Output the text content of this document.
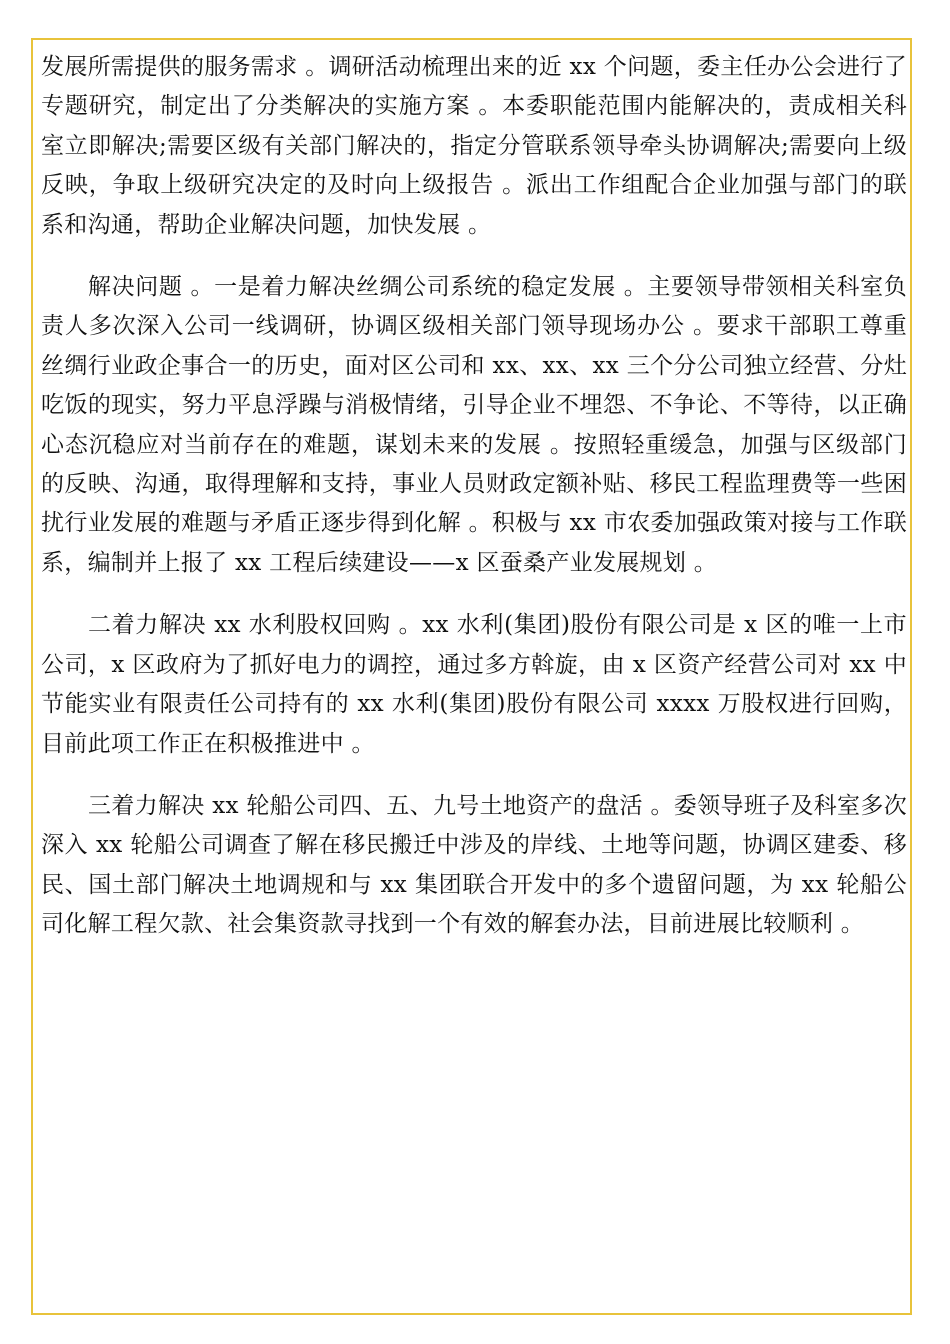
发展所需提供的服务需求 。调研活动梳理出来的近 xx 个问题，委主任办公会进行了专题研究，制定出了分类解决的实施方案 。本委职能范围内能解决的，责成相关科室立即解决;需要区级有关部门解决的，指定分管联系领导牵头协调解决;需要向上级反映，争取上级研究决定的及时向上级报告 。派出工作组配合企业加强与部门的联系和沟通，帮助企业解决问题，加快发展 。

解决问题 。一是着力解决丝绸公司系统的稳定发展 。主要领导带领相关科室负责人多次深入公司一线调研，协调区级相关部门领导现场办公 。要求干部职工尊重丝绸行业政企事合一的历史，面对区公司和 xx、xx、xx 三个分公司独立经营、分灶吃饭的现实，努力平息浮躁与消极情绪，引导企业不埋怨、不争论、不等待，以正确心态沉稳应对当前存在的难题，谋划未来的发展 。按照轻重缓急，加强与区级部门的反映、沟通，取得理解和支持，事业人员财政定额补贴、移民工程监理费等一些困扰行业发展的难题与矛盾正逐步得到化解 。积极与 xx 市农委加强政策对接与工作联系，编制并上报了 xx 工程后续建设——x 区蚕桑产业发展规划 。

二着力解决 xx 水利股权回购 。xx 水利(集团)股份有限公司是 x 区的唯一上市公司，x 区政府为了抓好电力的调控，通过多方斡旋，由 x 区资产经营公司对 xx 中节能实业有限责任公司持有的 xx 水利(集团)股份有限公司 xxxx 万股权进行回购，目前此项工作正在积极推进中 。

三着力解决 xx 轮船公司四、五、九号土地资产的盘活 。委领导班子及科室多次深入 xx 轮船公司调查了解在移民搬迁中涉及的岸线、土地等问题，协调区建委、移民、国土部门解决土地调规和与 xx 集团联合开发中的多个遗留问题，为 xx 轮船公司化解工程欠款、社会集资款寻找到一个有效的解套办法，目前进展比较顺利 。
